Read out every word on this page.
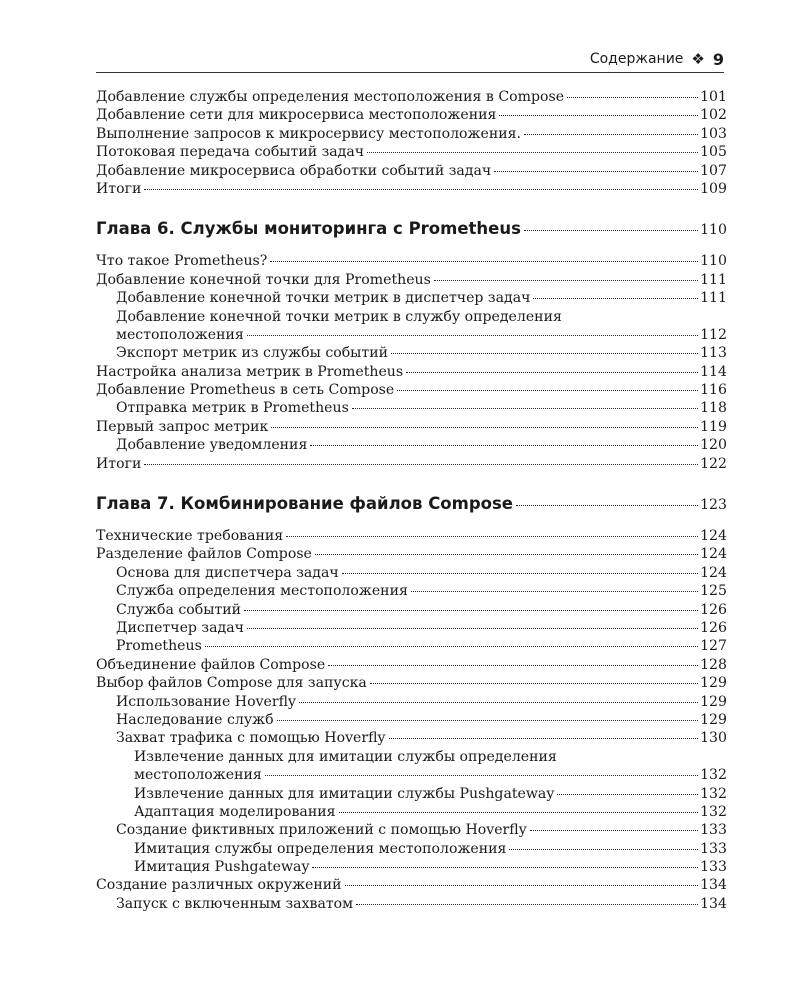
Содержание ❖ 9
Добавление службы определения местоположения в Compose	101
Добавление сети для микросервиса местоположения	102
Выполнение запросов к микросервису местоположения.	103
Потоковая передача событий задач	105
Добавление микросервиса обработки событий задач	107
Итоги	109
Глава 6. Службы мониторинга с Prometheus	110
Что такое Prometheus?	110
Добавление конечной точки для Prometheus	111
Добавление конечной точки метрик в диспетчер задач	111
Добавление конечной точки метрик в службу определения
местоположения	112
Экспорт метрик из службы событий	113
Настройка анализа метрик в Prometheus	114
Добавление Prometheus в сеть Compose	116
Отправка метрик в Prometheus	118
Первый запрос метрик	119
Добавление уведомления	120
Итоги	122
Глава 7. Комбинирование файлов Compose	123
Технические требования	124
Разделение файлов Compose	124
Основа для диспетчера задач	124
Служба определения местоположения	125
Служба событий	126
Диспетчер задач	126
Prometheus	127
Объединение файлов Compose	128
Выбор файлов Compose для запуска	129
Использование Hoverfly	129
Наследование служб	129
Захват трафика с помощью Hoverfly	130
Извлечение данных для имитации службы определения
местоположения	132
Извлечение данных для имитации службы Pushgateway	132
Адаптация моделирования	132
Создание фиктивных приложений с помощью Hoverfly	133
Имитация службы определения местоположения	133
Имитация Pushgateway	133
Создание различных окружений	134
Запуск с включенным захватом	134
